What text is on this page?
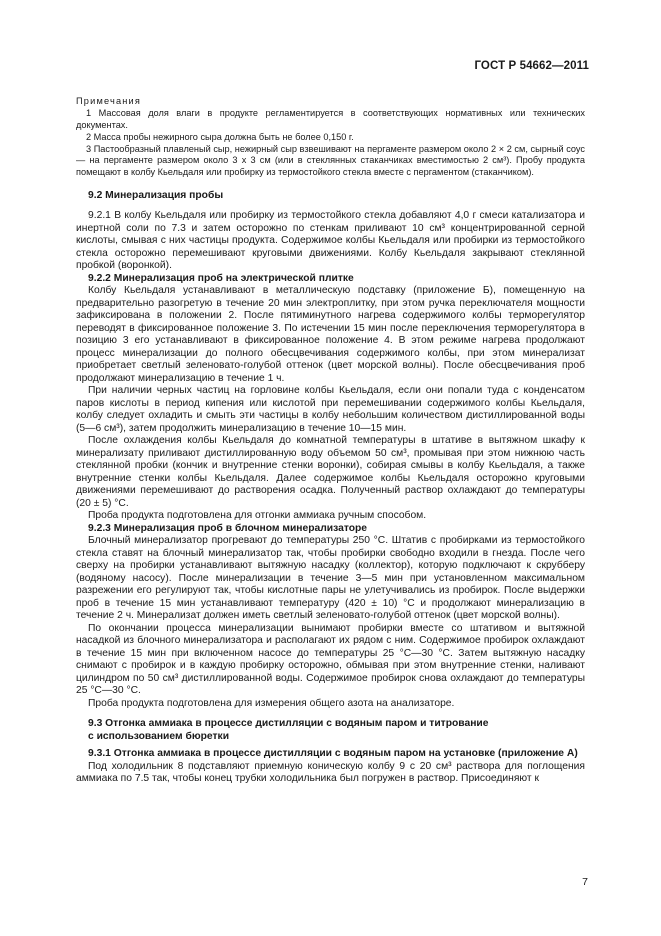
ГОСТ Р 54662—2011

Примечания

1 Массовая доля влаги в продукте регламентируется в соответствующих нормативных или технических документах.

2 Масса пробы нежирного сыра должна быть не более 0,150 г.

3 Пастообразный плавленый сыр, нежирный сыр взвешивают на пергаменте размером около 2 × 2 см, сырный соус — на пергаменте размером около 3 х 3 см (или в стеклянных стаканчиках вместимостью 2 см³). Пробу продукта помещают в колбу Кьельдаля или пробирку из термостойкого стекла вместе с пергаментом (стаканчиком).

9.2 Минерализация пробы

9.2.1 В колбу Кьельдаля или пробирку из термостойкого стекла добавляют 4,0 г смеси катализатора и инертной соли по 7.3 и затем осторожно по стенкам приливают 10 см³ концентрированной серной кислоты, смывая с них частицы продукта. Содержимое колбы Кьельдаля или пробирки из термостойкого стекла осторожно перемешивают круговыми движениями. Колбу Кьельдаля закрывают стеклянной пробкой (воронкой).

9.2.2 Минерализация проб на электрической плитке

Колбу Кьельдаля устанавливают в металлическую подставку (приложение Б), помещенную на предварительно разогретую в течение 20 мин электроплитку, при этом ручка переключателя мощности зафиксирована в положении 2. После пятиминутного нагрева содержимого колбы терморегулятор переводят в фиксированное положение 3. По истечении 15 мин после переключения терморегулятора в позицию 3 его устанавливают в фиксированное положение 4. В этом режиме нагрева продолжают процесс минерализации до полного обесцвечивания содержимого колбы, при этом минерализат приобретает светлый зеленовато-голубой оттенок (цвет морской волны). После обесцвечивания проб продолжают минерализацию в течение 1 ч.

При наличии черных частиц на горловине колбы Кьельдаля, если они попали туда с конденсатом паров кислоты в период кипения или кислотой при перемешивании содержимого колбы Кьельдаля, колбу следует охладить и смыть эти частицы в колбу небольшим количеством дистиллированной воды (5—6 см³), затем продолжить минерализацию в течение 10—15 мин.

После охлаждения колбы Кьельдаля до комнатной температуры в штативе в вытяжном шкафу к минерализату приливают дистиллированную воду объемом 50 см³, промывая при этом нижнюю часть стеклянной пробки (кончик и внутренние стенки воронки), собирая смывы в колбу Кьельдаля, а также внутренние стенки колбы Кьельдаля. Далее содержимое колбы Кьельдаля осторожно круговыми движениями перемешивают до растворения осадка. Полученный раствор охлаждают до температуры (20 ± 5) °С.

Проба продукта подготовлена для отгонки аммиака ручным способом.

9.2.3 Минерализация проб в блочном минерализаторе

Блочный минерализатор прогревают до температуры 250 °С. Штатив с пробирками из термостойкого стекла ставят на блочный минерализатор так, чтобы пробирки свободно входили в гнезда. После чего сверху на пробирки устанавливают вытяжную насадку (коллектор), которую подключают к скрубберу (водяному насосу). После минерализации в течение 3—5 мин при установленном максимальном разрежении его регулируют так, чтобы кислотные пары не улетучивались из пробирок. После выдержки проб в течение 15 мин устанавливают температуру (420 ± 10) °С и продолжают минерализацию в течение 2 ч. Минерализат должен иметь светлый зеленовато-голубой оттенок (цвет морской волны).

По окончании процесса минерализации вынимают пробирки вместе со штативом и вытяжной насадкой из блочного минерализатора и располагают их рядом с ним. Содержимое пробирок охлаждают в течение 15 мин при включенном насосе до температуры 25 °С—30 °С. Затем вытяжную насадку снимают с пробирок и в каждую пробирку осторожно, обмывая при этом внутренние стенки, наливают цилиндром по 50 см³ дистиллированной воды. Содержимое пробирок снова охлаждают до температуры 25 °С—30 °С.

Проба продукта подготовлена для измерения общего азота на анализаторе.

9.3 Отгонка аммиака в процессе дистилляции с водяным паром и титрование
с использованием бюретки
9.3.1 Отгонка аммиака в процессе дистилляции с водяным паром на установке (приложение А)

Под холодильник 8 подставляют приемную коническую колбу 9 с 20 см³ раствора для поглощения аммиака по 7.5 так, чтобы конец трубки холодильника был погружен в раствор. Присоединяют к

7
